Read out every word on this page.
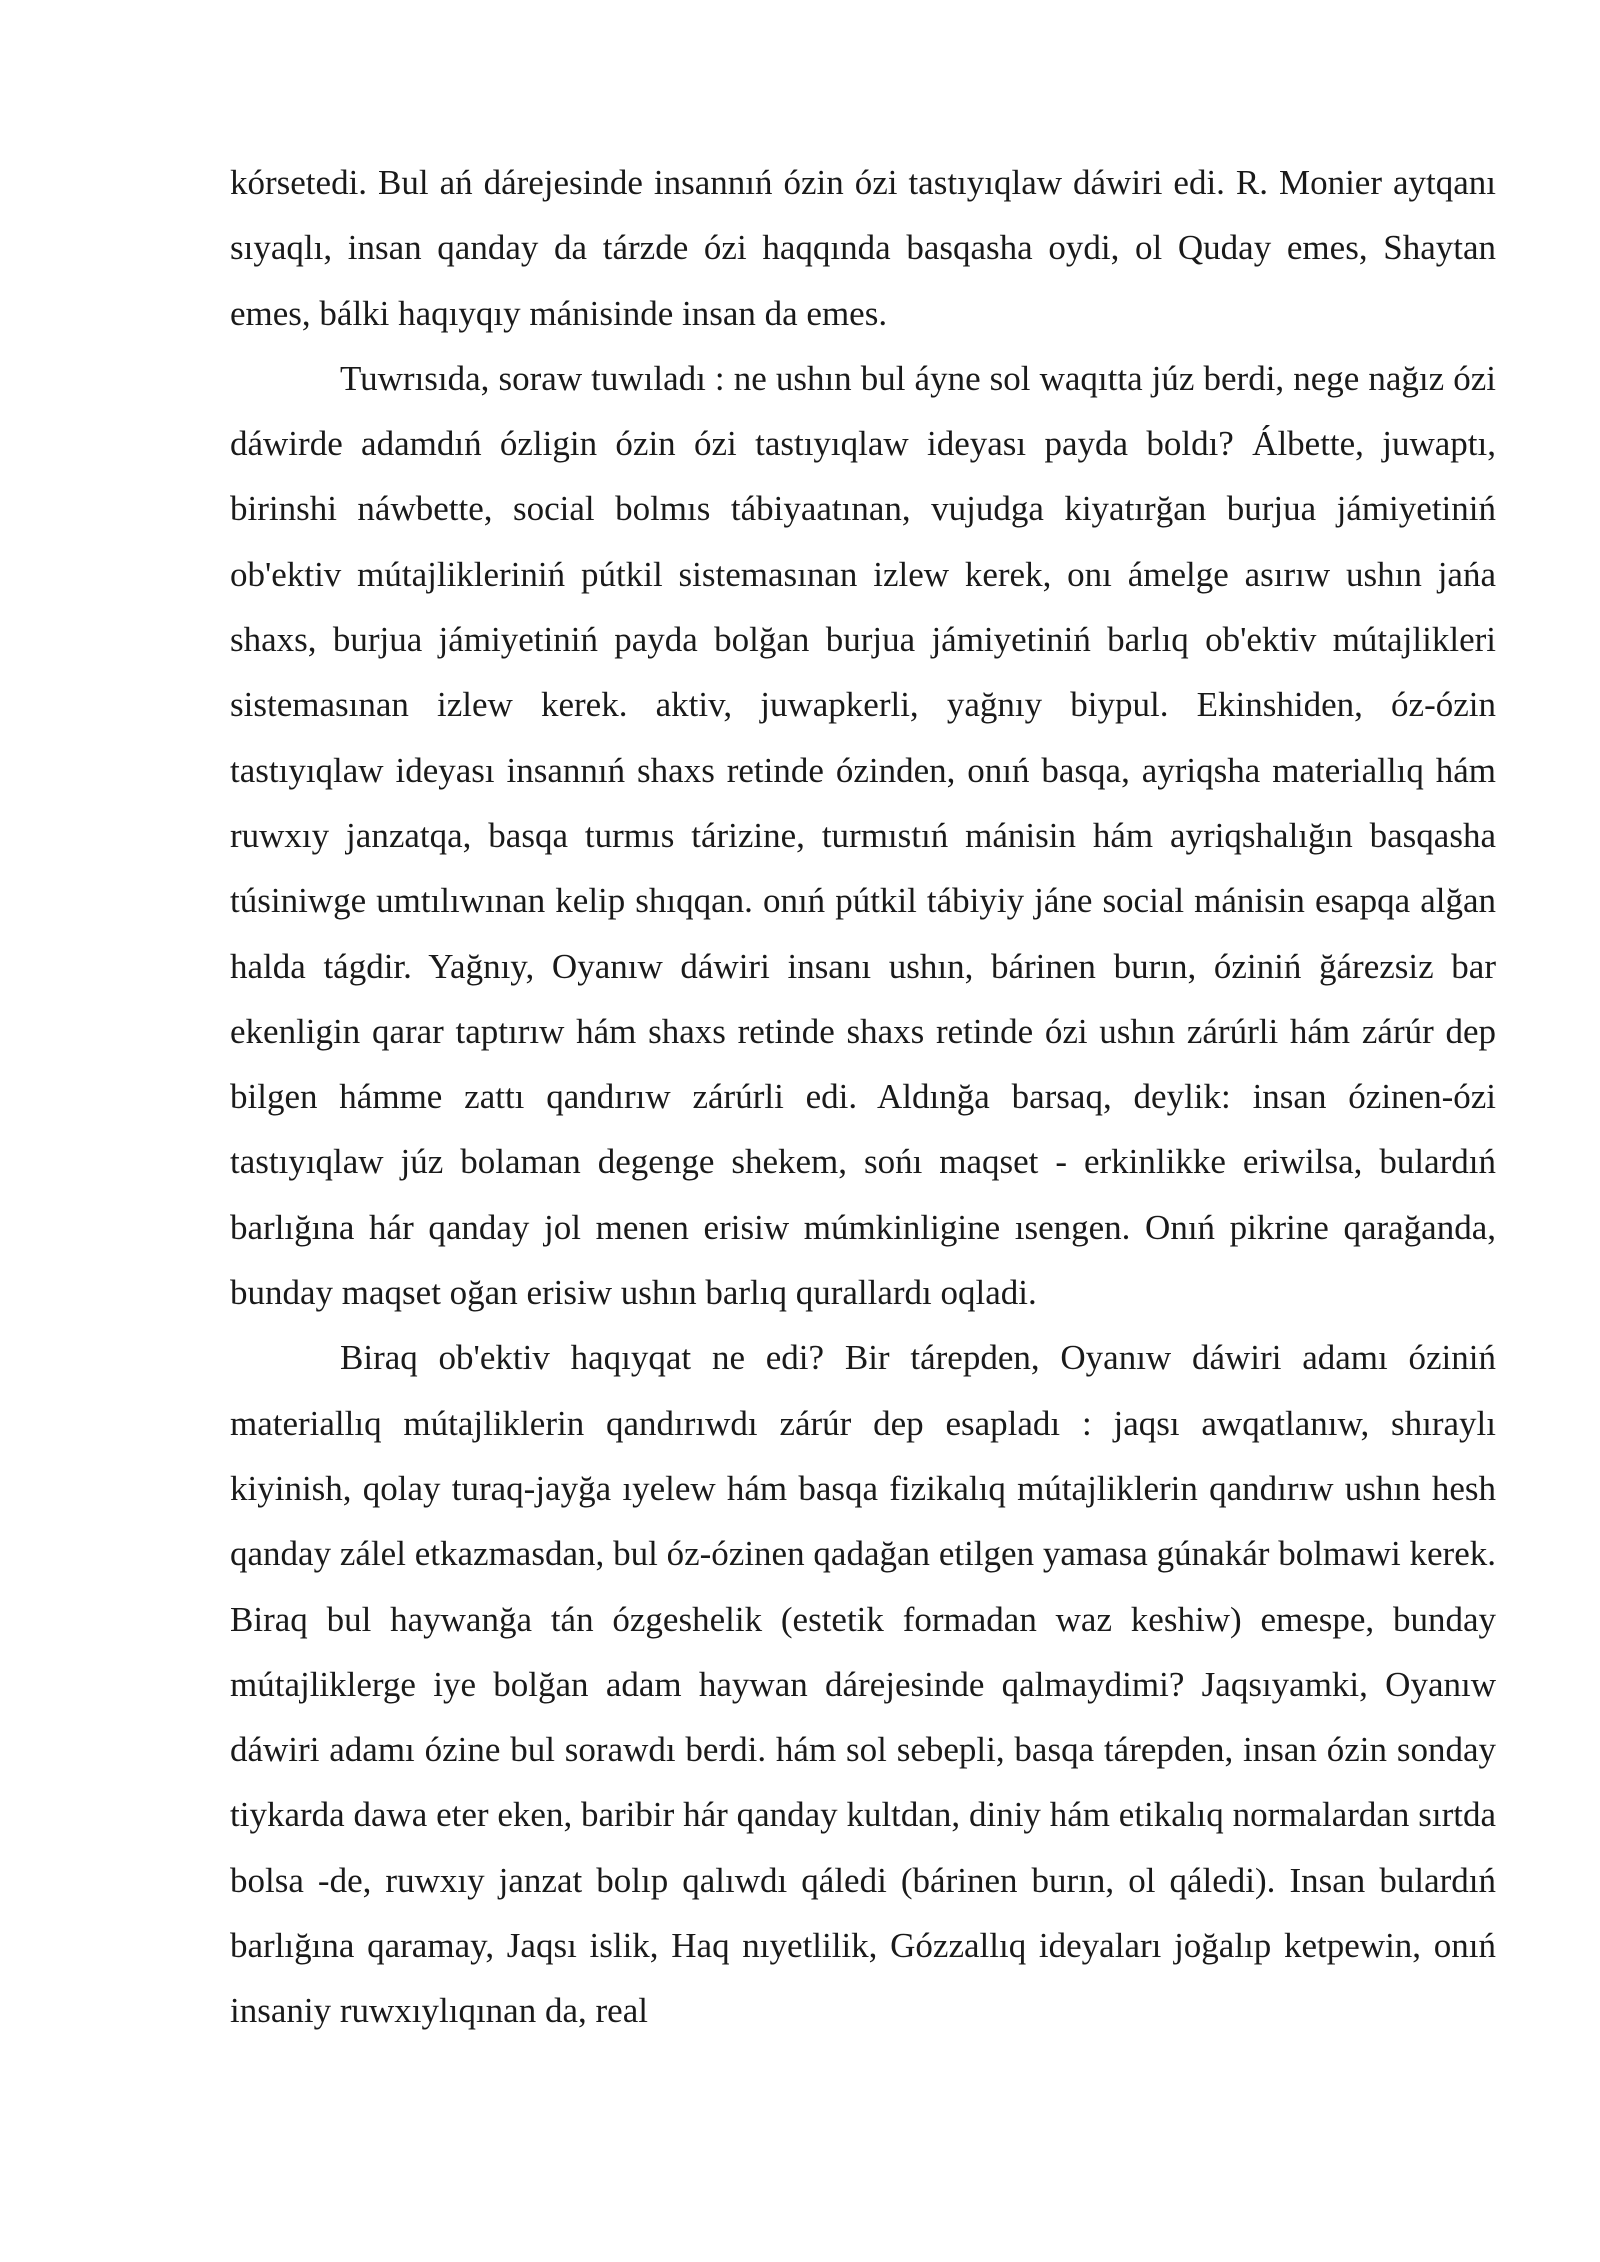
kórsetedi. Bul ań dárejesinde insannıń ózin ózi tastıyıqlaw dáwiri edi. R. Monier aytqanı sıyaqlı, insan qanday da tárzde ózi haqqında basqasha oydi, ol Quday emes, Shaytan emes, bálki haqıyqıy mánisinde insan da emes.

Tuwrısıda, soraw tuwıladı : ne ushın bul áyne sol waqıtta júz berdi, nege nağız ózi dáwirde adamdıń ózligin ózin ózi tastıyıqlaw ideyası payda boldı? Álbette, juwaptı, birinshi náwbette, social bolmıs tábiyaatınan, vujudga kiyatırğan burjua jámiyetiniń ob'ektiv mútajlikleriniń pútkil sistemasınan izlew kerek, onı ámelge asırıw ushın jańa shaxs, burjua jámiyetiniń payda bolğan burjua jámiyetiniń barlıq ob'ektiv mútajlikleri sistemasınan izlew kerek. aktiv, juwapkerli, yağnıy biypul. Ekinshiden, óz-ózin tastıyıqlaw ideyası insannıń shaxs retinde ózinden, onıń basqa, ayriqsha materiallıq hám ruwxıy janzatqa, basqa turmıs tárizine, turmıstıń mánisin hám ayriqshalığın basqasha túsiniwge umtılıwınan kelip shıqqan. onıń pútkil tábiyiy jáne social mánisin esapqa alğan halda tágdir. Yağnıy, Oyanıw dáwiri insanı ushın, bárinen burın, óziniń ğárezsiz bar ekenligin qarar taptırıw hám shaxs retinde shaxs retinde ózi ushın zárúrli hám zárúr dep bilgen hámme zattı qandırıw zárúrli edi. Aldınğa barsaq, deylik: insan ózinen-ózi tastıyıqlaw júz bolaman degenge shekem, sońı maqset - erkinlikke eriwilsa, bulardıń barlığına hár qanday jol menen erisiw múmkinligine ısengen. Onıń pikrine qarağanda, bunday maqset oğan erisiw ushın barlıq qurallardı oqladi.

Biraq ob'ektiv haqıyqat ne edi? Bir tárepden, Oyanıw dáwiri adamı óziniń materiallıq mútajliklerin qandırıwdı zárúr dep esapladı : jaqsı awqatlanıw, shıraylı kiyinish, qolay turaq-jayğa ıyelew hám basqa fizikalıq mútajliklerin qandırıw ushın hesh qanday zálel etkazmasdan, bul óz-ózinen qadağan etilgen yamasa gúnakár bolmawi kerek. Biraq bul haywanğa tán ózgeshelik (estetik formadan waz keshiw) emespe, bunday mútajliklerge iye bolğan adam haywan dárejesinde qalmaydimi? Jaqsıyamki, Oyanıw dáwiri adamı ózine bul sorawdı berdi. hám sol sebepli, basqa tárepden, insan ózin sonday tiykarda dawa eter eken, baribir hár qanday kultdan, diniy hám etikalıq normalardan sırtda bolsa -de, ruwxıy janzat bolıp qalıwdı qáledi (bárinen burın, ol qáledi). Insan bulardıń barlığına qaramay, Jaqsı islik, Haq nıyetlilik, Gózzallıq ideyaları joğalıp ketpewin, onıń insaniy ruwxıylıqınan da, real
